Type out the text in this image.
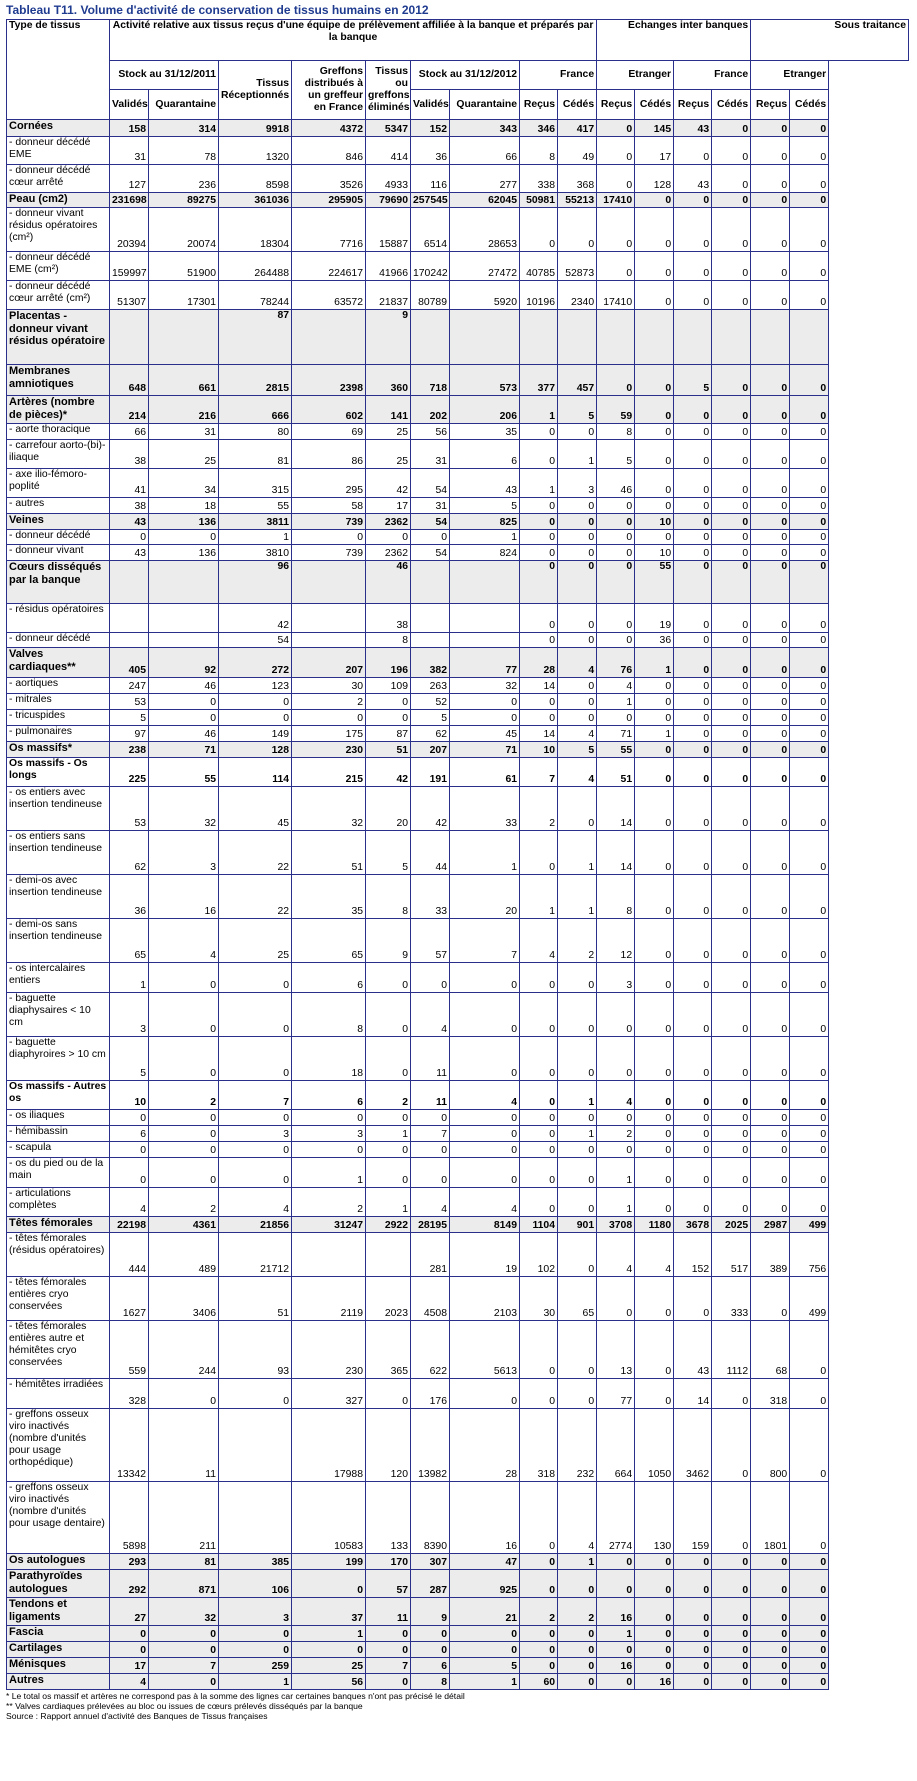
Tableau T11. Volume d'activité de conservation de tissus humains en 2012
Type de tissus	Activité relative aux tissus reçus d'une équipe de prélèvement affiliée à la banque et préparés par la banque									Echanges inter banques				Sous traitance	
	Stock au 31/12/2011		Tissus Réceptionnés	Greffons distribués à un greffeur en France	Tissus ou greffons éliminés	Stock au 31/12/2012		France		Etranger		France		Etranger	
	Validés	Quarantaine				Validés	Quarantaine	Reçus	Cédés	Reçus	Cédés	Reçus	Cédés	Reçus	Cédés
Cornées	158	314	9918	4372	5347	152	343	346	417	0	145	43	0	0	0
- donneur décédé EME	31	78	1320	846	414	36	66	8	49	0	17	0	0	0	0
- donneur décédé cœur arrêté	127	236	8598	3526	4933	116	277	338	368	0	128	43	0	0	0
Peau (cm2)	231698	89275	361036	295905	79690	257545	62045	50981	55213	17410	0	0	0	0	0
- donneur vivant résidus opératoires (cm²)	20394	20074	18304	7716	15887	6514	28653	0	0	0	0	0	0	0	0
- donneur décédé EME (cm²)	159997	51900	264488	224617	41966	170242	27472	40785	52873	0	0	0	0	0	0
- donneur décédé cœur arrêté (cm²)	51307	17301	78244	63572	21837	80789	5920	10196	2340	17410	0	0	0	0	0
Placentas - donneur vivant résidus opératoire			87		9										
Membranes amniotiques	648	661	2815	2398	360	718	573	377	457	0	0	5	0	0	0
Artères (nombre de pièces)*	214	216	666	602	141	202	206	1	5	59	0	0	0	0	0
- aorte thoracique	66	31	80	69	25	56	35	0	0	8	0	0	0	0	0
- carrefour aorto-(bi)-iliaque	38	25	81	86	25	31	6	0	1	5	0	0	0	0	0
- axe ilio-fémoro-poplité	41	34	315	295	42	54	43	1	3	46	0	0	0	0	0
- autres	38	18	55	58	17	31	5	0	0	0	0	0	0	0	0
Veines	43	136	3811	739	2362	54	825	0	0	0	10	0	0	0	0
- donneur décédé	0	0	1	0	0	0	1	0	0	0	0	0	0	0	0
- donneur vivant	43	136	3810	739	2362	54	824	0	0	0	10	0	0	0	0
Cœurs disséqués par la banque			96		46			0	0	0	55	0	0	0	0
- résidus opératoires			42		38			0	0	0	19	0	0	0	0
- donneur décédé			54		8			0	0	0	36	0	0	0	0
Valves cardiaques**	405	92	272	207	196	382	77	28	4	76	1	0	0	0	0
- aortiques	247	46	123	30	109	263	32	14	0	4	0	0	0	0	0
- mitrales	53	0	0	2	0	52	0	0	0	1	0	0	0	0	0
- tricuspides	5	0	0	0	0	5	0	0	0	0	0	0	0	0	0
- pulmonaires	97	46	149	175	87	62	45	14	4	71	1	0	0	0	0
Os massifs*	238	71	128	230	51	207	71	10	5	55	0	0	0	0	0
Os massifs - Os longs	225	55	114	215	42	191	61	7	4	51	0	0	0	0	0
- os entiers avec insertion tendineuse	53	32	45	32	20	42	33	2	0	14	0	0	0	0	0
- os entiers sans insertion tendineuse	62	3	22	51	5	44	1	0	1	14	0	0	0	0	0
- demi-os avec insertion tendineuse	36	16	22	35	8	33	20	1	1	8	0	0	0	0	0
- demi-os sans insertion tendineuse	65	4	25	65	9	57	7	4	2	12	0	0	0	0	0
- os intercalaires entiers	1	0	0	6	0	0	0	0	0	3	0	0	0	0	0
- baguette diaphysaires < 10 cm	3	0	0	8	0	4	0	0	0	0	0	0	0	0	0
- baguette diaphyroires > 10 cm	5	0	0	18	0	11	0	0	0	0	0	0	0	0	0
Os massifs - Autres os	10	2	7	6	2	11	4	0	1	4	0	0	0	0	0
- os iliaques	0	0	0	0	0	0	0	0	0	0	0	0	0	0	0
- hémibassin	6	0	3	3	1	7	0	0	1	2	0	0	0	0	0
- scapula	0	0	0	0	0	0	0	0	0	0	0	0	0	0	0
- os du pied ou de la main	0	0	0	1	0	0	0	0	0	1	0	0	0	0	0
- articulations complètes	4	2	4	2	1	4	4	0	0	1	0	0	0	0	0
Têtes fémorales	22198	4361	21856	31247	2922	28195	8149	1104	901	3708	1180	3678	2025	2987	499
- têtes fémorales (résidus opératoires)	444	489	21712			281	19	102	0	4	4	152	517	389	756
- têtes fémorales entières cryo conservées	1627	3406	51	2119	2023	4508	2103	30	65	0	0	0	333	0	499
- têtes fémorales entières autre et hémitêtes cryo conservées	559	244	93	230	365	622	5613	0	0	13	0	43	1112	68	0
- hémitêtes irradiées	328	0	0	327	0	176	0	0	0	77	0	14	0	318	0
- greffons osseux viro inactivés (nombre d'unités pour usage orthopédique)	13342	11		17988	120	13982	28	318	232	664	1050	3462	0	800	0
- greffons osseux viro inactivés (nombre d'unités pour usage dentaire)	5898	211		10583	133	8390	16	0	4	2774	130	159	0	1801	0
Os autologues	293	81	385	199	170	307	47	0	1	0	0	0	0	0	0
Parathyroïdes autologues	292	871	106	0	57	287	925	0	0	0	0	0	0	0	0
Tendons et ligaments	27	32	3	37	11	9	21	2	2	16	0	0	0	0	0
Fascia	0	0	0	1	0	0	0	0	0	1	0	0	0	0	0
Cartilages	0	0	0	0	0	0	0	0	0	0	0	0	0	0	0
Ménisques	17	7	259	25	7	6	5	0	0	16	0	0	0	0	0
Autres	4	0	1	56	0	8	1	60	0	0	16	0	0	0	0
* Le total os massif et artères ne correspond pas à la somme des lignes car certaines banques n'ont pas précisé le détail
** Valves cardiaques prélevées au bloc ou issues de cœurs prélevés disséqués par la banque
Source : Rapport annuel d'activité des Banques de Tissus françaises
